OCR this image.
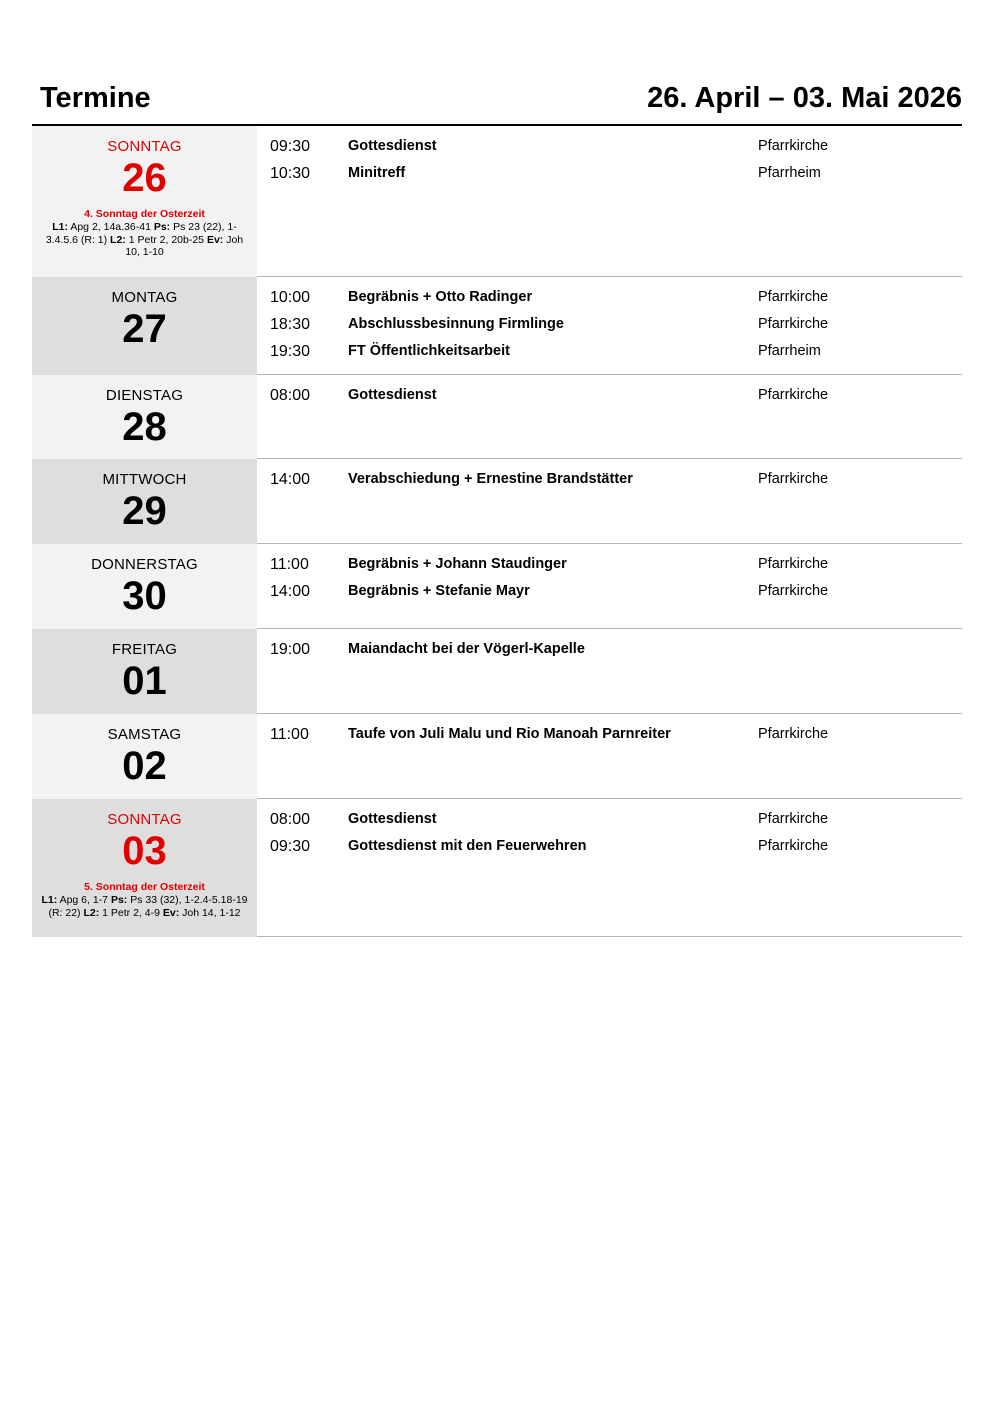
Termine	26. April – 03. Mai 2026
SONNTAG
26
4. Sonntag der Osterzeit
L1: Apg 2, 14a.36-41 Ps: Ps 23 (22), 1-3.4.5.6 (R: 1) L2: 1 Petr 2, 20b-25 Ev: Joh 10, 1-10
09:30	Gottesdienst	Pfarrkirche
10:30	Minitreff	Pfarrheim
MONTAG
27
10:00	Begräbnis + Otto Radinger	Pfarrkirche
18:30	Abschlussbesinnung Firmlinge	Pfarrkirche
19:30	FT Öffentlichkeitsarbeit	Pfarrheim
DIENSTAG
28
08:00	Gottesdienst	Pfarrkirche
MITTWOCH
29
14:00	Verabschiedung + Ernestine Brandstätter	Pfarrkirche
DONNERSTAG
30
11:00	Begräbnis + Johann Staudinger	Pfarrkirche
14:00	Begräbnis + Stefanie Mayr	Pfarrkirche
FREITAG
01
19:00	Maiandacht bei der Vögerl-Kapelle
SAMSTAG
02
11:00	Taufe von Juli Malu und Rio Manoah Parnreiter	Pfarrkirche
SONNTAG
03
5. Sonntag der Osterzeit
L1: Apg 6, 1-7 Ps: Ps 33 (32), 1-2.4-5.18-19 (R: 22) L2: 1 Petr 2, 4-9 Ev: Joh 14, 1-12
08:00	Gottesdienst	Pfarrkirche
09:30	Gottesdienst mit den Feuerwehren	Pfarrkirche
